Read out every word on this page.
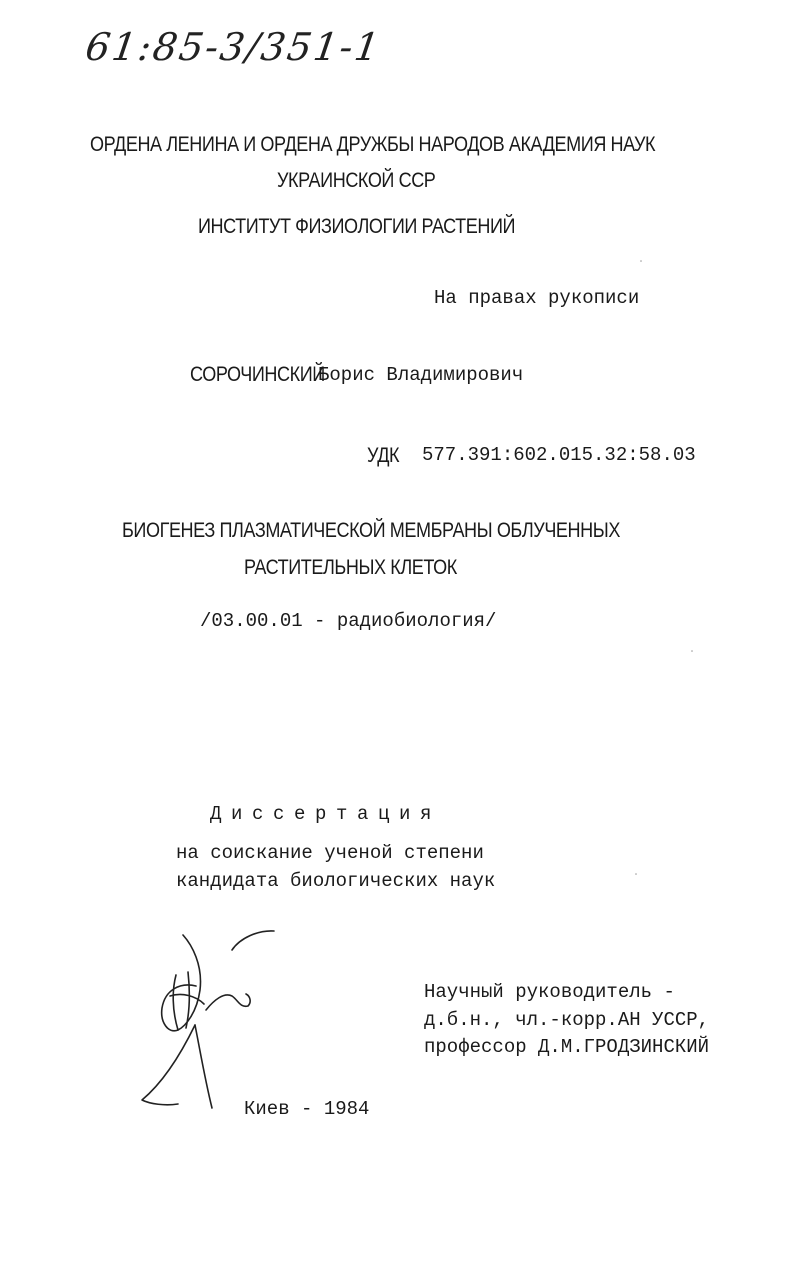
61:85-3/351-1
ОРДЕНА ЛЕНИНА И ОРДЕНА ДРУЖБЫ НАРОДОВ АКАДЕМИЯ НАУК
УКРАИНСКОЙ ССР
ИНСТИТУТ ФИЗИОЛОГИИ РАСТЕНИЙ
На правах рукописи
СОРОЧИНСКИЙ
Борис Владимирович
УДК 577.391:602.015.32:58.03
БИОГЕНЕЗ ПЛАЗМАТИЧЕСКОЙ МЕМБРАНЫ ОБЛУЧЕННЫХ
РАСТИТЕЛЬНЫХ КЛЕТОК
/03.00.01 - радиобиология/
Диссертация
на соискание ученой степени
кандидата биологических наук
Научный руководитель -
д.б.н., чл.-корр.АН УССР,
профессор Д.М.ГРОДЗИНСКИЙ
Киев - 1984
